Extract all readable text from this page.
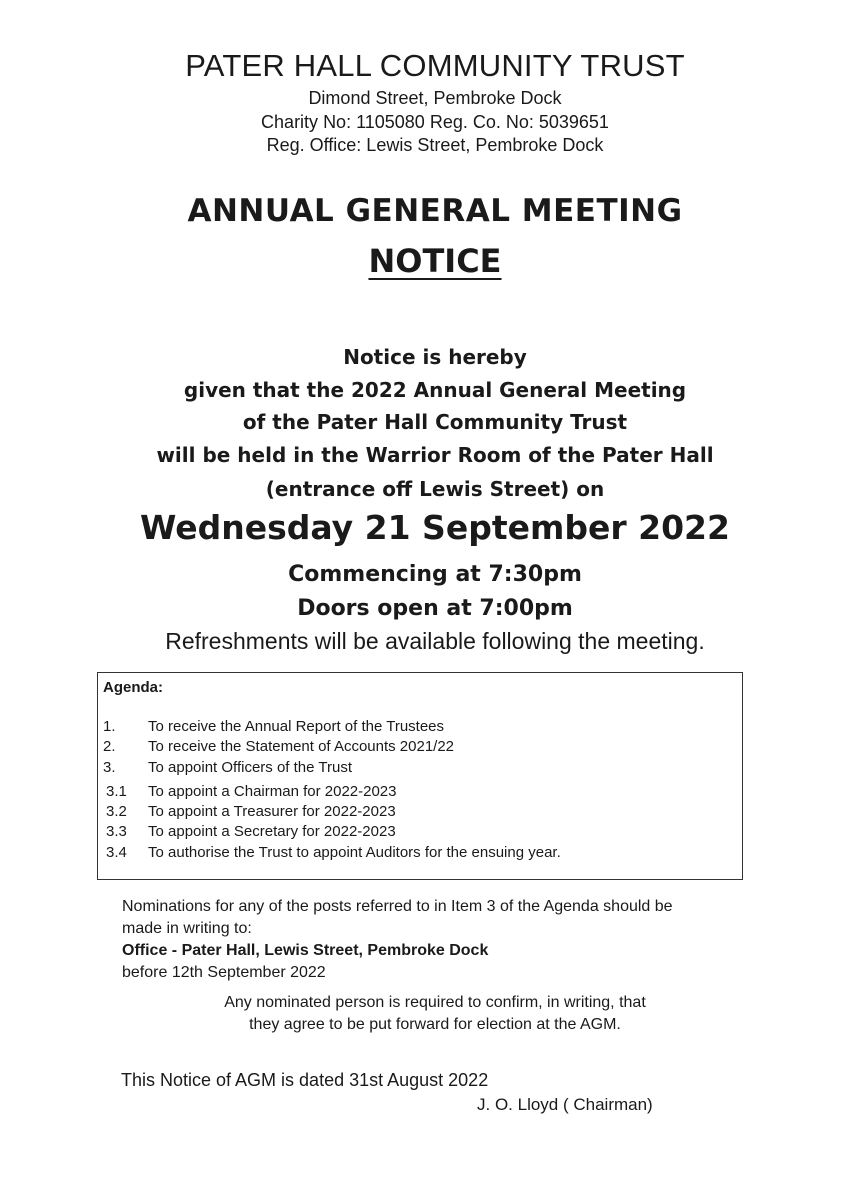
PATER HALL COMMUNITY TRUST
Dimond Street, Pembroke Dock
Charity No: 1105080 Reg. Co. No: 5039651
Reg. Office: Lewis Street, Pembroke Dock
ANNUAL GENERAL MEETING
NOTICE
Notice is hereby
given that the 2022 Annual General Meeting
of the Pater Hall Community Trust
will be held in the Warrior Room of the Pater Hall
(entrance off Lewis Street) on
Wednesday 21 September 2022
Commencing at 7:30pm
Doors open at 7:00pm
Refreshments will be available following the meeting.
Agenda:
1.	To receive the Annual Report of the Trustees
2.	To receive the Statement of Accounts 2021/22
3.	To appoint Officers of the Trust
3.1	To appoint a Chairman for 2022-2023
3.2	To appoint a Treasurer for 2022-2023
3.3	To appoint a Secretary for 2022-2023
3.4	To authorise the Trust to appoint Auditors for the ensuing year.
Nominations for any of the posts referred to in Item 3 of the Agenda should be
made in writing to:
Office - Pater Hall, Lewis Street, Pembroke Dock
before 12th September 2022
Any nominated person is required to confirm, in writing, that
they agree to be put forward for election at the AGM.
This Notice of AGM is dated 31st August 2022
J. O. Lloyd ( Chairman)
